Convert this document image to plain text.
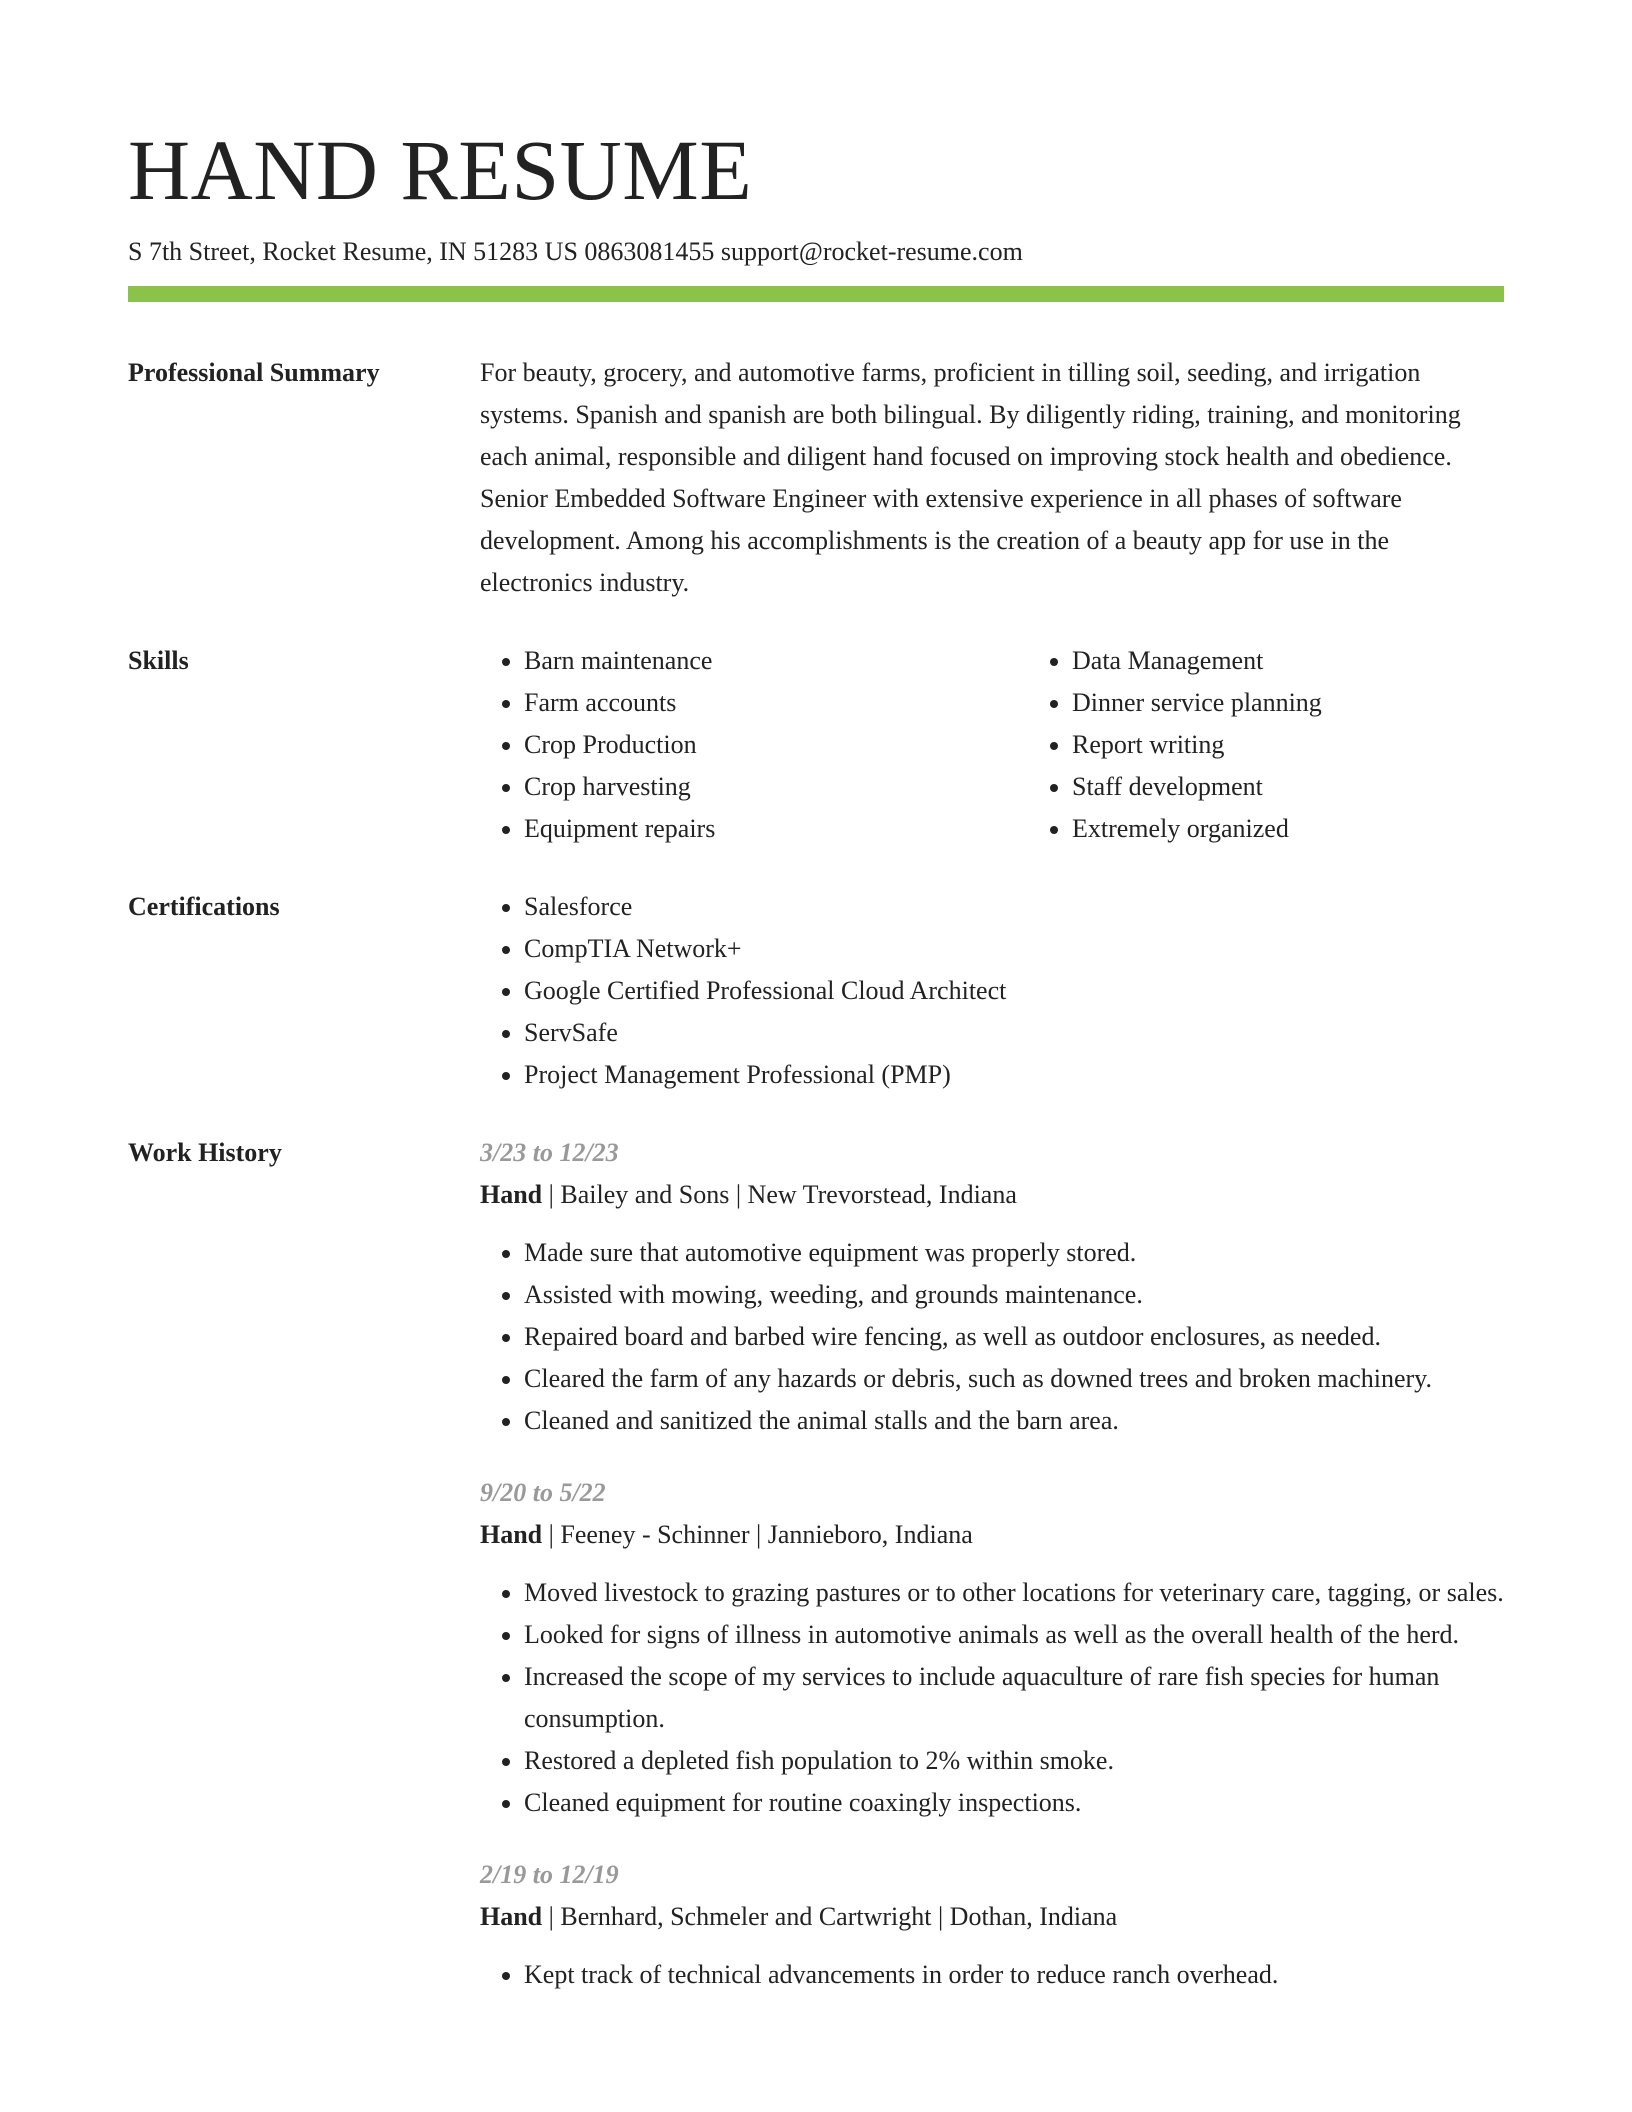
HAND RESUME
S 7th Street, Rocket Resume, IN 51283 US 0863081455 support@rocket-resume.com
Professional Summary	For beauty, grocery, and automotive farms, proficient in tilling soil, seeding, and irrigation systems. Spanish and spanish are both bilingual. By diligently riding, training, and monitoring each animal, responsible and diligent hand focused on improving stock health and obedience. Senior Embedded Software Engineer with extensive experience in all phases of software development. Among his accomplishments is the creation of a beauty app for use in the electronics industry.

Skills	• Barn maintenance
• Farm accounts
• Crop Production
• Crop harvesting
• Equipment repairs
• Data Management
• Dinner service planning
• Report writing
• Staff development
• Extremely organized
Certifications	• Salesforce
• CompTIA Network+
• Google Certified Professional Cloud Architect
• ServSafe
• Project Management Professional (PMP)
Work History	3/23 to 12/23
Hand | Bailey and Sons | New Trevorstead, Indiana
• Made sure that automotive equipment was properly stored.
• Assisted with mowing, weeding, and grounds maintenance.
• Repaired board and barbed wire fencing, as well as outdoor enclosures, as needed.
• Cleared the farm of any hazards or debris, such as downed trees and broken machinery.
• Cleaned and sanitized the animal stalls and the barn area.
9/20 to 5/22
Hand | Feeney - Schinner | Jannieboro, Indiana
• Moved livestock to grazing pastures or to other locations for veterinary care, tagging, or sales.
• Looked for signs of illness in automotive animals as well as the overall health of the herd.
• Increased the scope of my services to include aquaculture of rare fish species for human consumption.
• Restored a depleted fish population to 2% within smoke.
• Cleaned equipment for routine coaxingly inspections.
2/19 to 12/19
Hand | Bernhard, Schmeler and Cartwright | Dothan, Indiana
• Kept track of technical advancements in order to reduce ranch overhead.
